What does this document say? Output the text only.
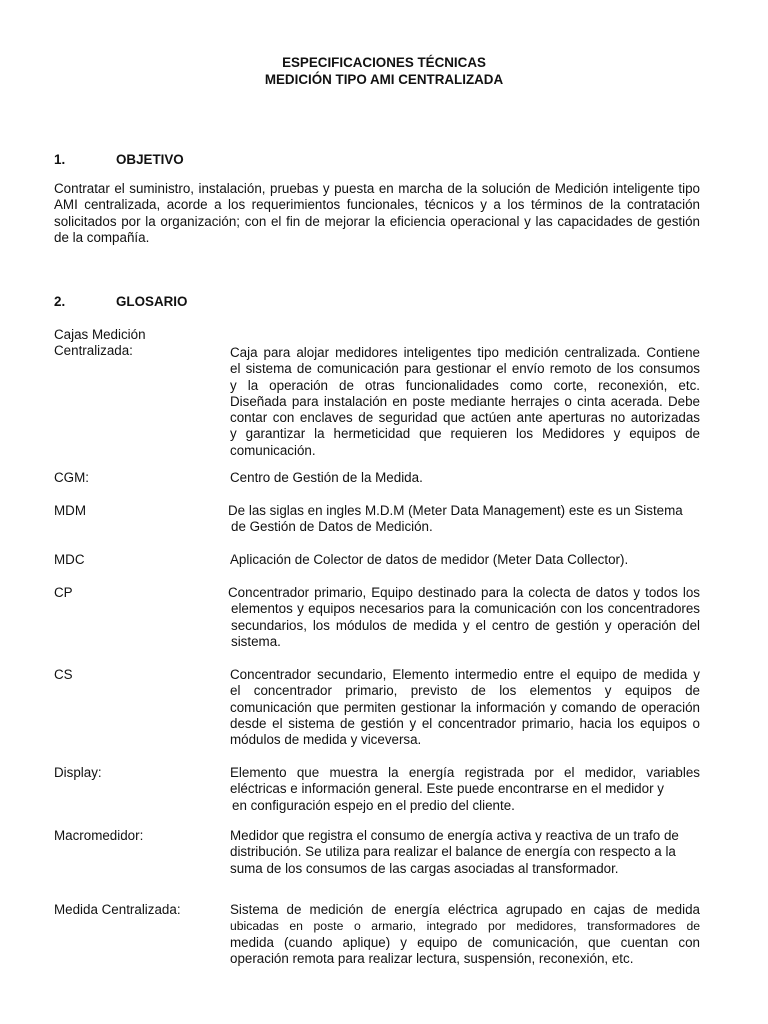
ESPECIFICACIONES TÉCNICAS
MEDICIÓN TIPO AMI CENTRALIZADA
1.	OBJETIVO
Contratar el suministro, instalación, pruebas y puesta en marcha de la solución de Medición inteligente tipo AMI centralizada, acorde a los requerimientos funcionales, técnicos y a los términos de la contratación solicitados por la organización; con el fin de mejorar la eficiencia operacional y las capacidades de gestión de la compañía.
2.	GLOSARIO
Cajas Medición
Centralizada:	Caja para alojar medidores inteligentes tipo medición centralizada. Contiene
el sistema de comunicación para gestionar el envío remoto de los consumos
y la operación de otras funcionalidades como corte, reconexión, etc.
Diseñada para instalación en poste mediante herrajes o cinta acerada. Debe
contar con enclaves de seguridad que actúen ante aperturas no autorizadas
y garantizar la hermeticidad que requieren los Medidores y equipos de
comunicación.
CGM:	Centro de Gestión de la Medida.
MDM	De las siglas en ingles M.D.M (Meter Data Management) este es un Sistema
de Gestión de Datos de Medición.
MDC	Aplicación de Colector de datos de medidor (Meter Data Collector).
CP	Concentrador primario, Equipo destinado para la colecta de datos y todos los
elementos y equipos necesarios para la comunicación con los concentradores
secundarios, los módulos de medida y el centro de gestión y operación del
sistema.
CS	Concentrador secundario, Elemento intermedio entre el equipo de medida y
el concentrador primario, previsto de los elementos y equipos de
comunicación que permiten gestionar la información y comando de operación
desde el sistema de gestión y el concentrador primario, hacia los equipos o
módulos de medida y viceversa.
Display:	Elemento que muestra la energía registrada por el medidor, variables
eléctricas e información general. Este puede encontrarse en el medidor y
en configuración espejo en el predio del cliente.
Macromedidor:	Medidor que registra el consumo de energía activa y reactiva de un trafo de
distribución. Se utiliza para realizar el balance de energía con respecto a la
suma de los consumos de las cargas asociadas al transformador.
Medida Centralizada:	Sistema de medición de energía eléctrica agrupado en cajas de medida
ubicadas en poste o armario, integrado por medidores, transformadores de
medida (cuando aplique) y equipo de comunicación, que cuentan con
operación remota para realizar lectura, suspensión, reconexión, etc.
